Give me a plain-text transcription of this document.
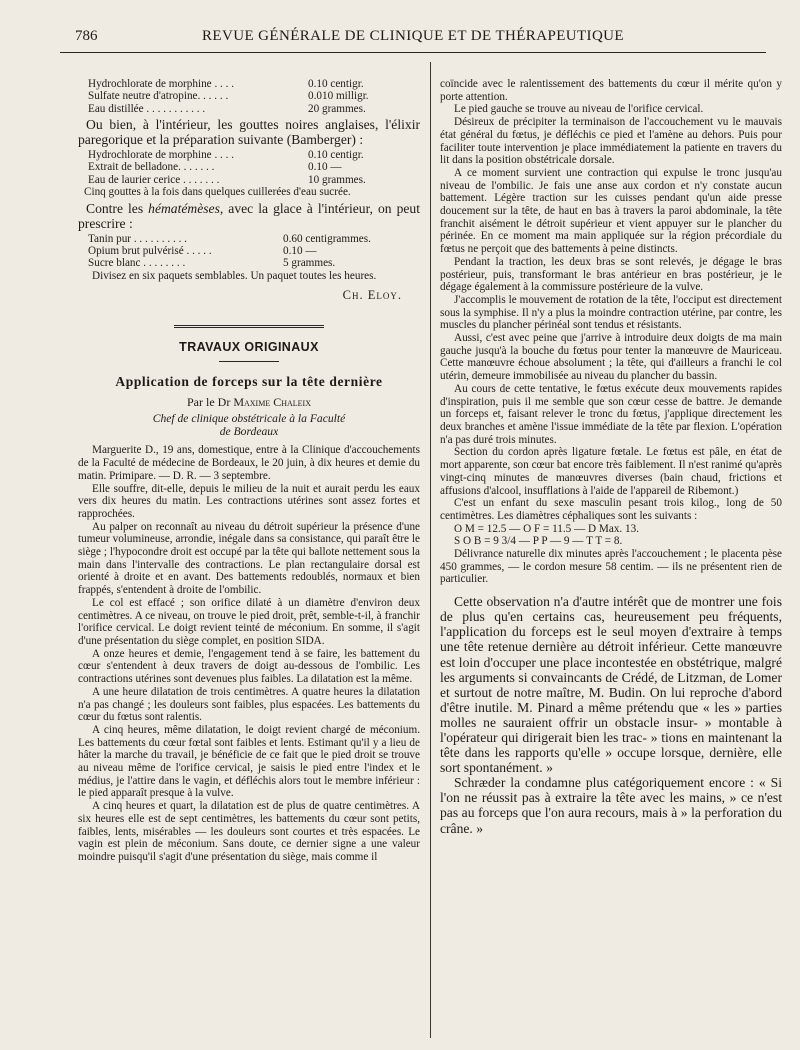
786	REVUE GÉNÉRALE DE CLINIQUE ET DE THÉRAPEUTIQUE
Hydrochlorate de morphine . . . .	0.10 centigr.
Sulfate neutre d'atropine. . . . . .	0.010 milligr.
Eau distillée . . . . . . . . . . .	20 grammes.

Ou bien, à l'intérieur, les gouttes noires anglaises, l'élixir paregorique et la préparation suivante (Bamberger) :

Hydrochlorate de morphine . . . .	0.10 centigr.
Extrait de belladone. . . . . . .	0.10 —
Eau de laurier cerice . . . . . . .	10 grammes.

Cinq gouttes à la fois dans quelques cuillerées d'eau sucrée.

Contre les hématémèses, avec la glace à l'intérieur, on peut prescrire :

Tanin pur . . . . . . . . . .	0.60 centigrammes.
Opium brut pulvérisé . . . . .	0.10 —
Sucre blanc . . . . . . . .	5 grammes.

Divisez en six paquets semblables. Un paquet toutes les heures.

Ch. Eloy.
TRAVAUX ORIGINAUX
Application de forceps sur la tête dernière
Par le Dr Maxime Chaleix
Chef de clinique obstétricale à la Faculté
de Bordeaux

Marguerite D., 19 ans, domestique, entre à la Clinique d'accouchements de la Faculté de médecine de Bordeaux, le 20 juin, à dix heures et demie du matin. Primipare. — D. R. — 3 septembre.

Elle souffre, dit-elle, depuis le milieu de la nuit et aurait perdu les eaux vers dix heures du matin. Les contractions utérines sont assez fortes et rapprochées.

Au palper on reconnaît au niveau du détroit supérieur la présence d'une tumeur volumineuse, arrondie, inégale dans sa consistance, qui paraît être le siège ; l'hypocondre droit est occupé par la tête qui ballote nettement sous la main dans l'intervalle des contractions. Le plan rectangulaire dorsal est orienté à droite et en avant. Des battements redoublés, normaux et bien frappés, s'entendent à droite de l'ombilic.

Le col est effacé ; son orifice dilaté à un diamètre d'environ deux centimètres. A ce niveau, on trouve le pied droit, prêt, semble-t-il, à franchir l'orifice cervical. Le doigt revient teinté de méconium. En somme, il s'agit d'une présentation du siège complet, en position SIDA.

A onze heures et demie, l'engagement tend à se faire, les battement du cœur s'entendent à deux travers de doigt au-dessous de l'ombilic. Les contractions utérines sont devenues plus faibles. La dilatation est la même.

A une heure dilatation de trois centimètres. A quatre heures la dilatation n'a pas changé ; les douleurs sont faibles, plus espacées. Les battements du cœur du fœtus sont ralentis.

A cinq heures, même dilatation, le doigt revient chargé de méconium. Les battements du cœur fœtal sont faibles et lents. Estimant qu'il y a lieu de hâter la marche du travail, je bénéficie de ce fait que le pied droit se trouve au niveau même de l'orifice cervical, je saisis le pied entre l'index et le médius, je l'attire dans le vagin, et défléchis alors tout le membre inférieur : le pied apparaît presque à la vulve.

A cinq heures et quart, la dilatation est de plus de quatre centimètres. A six heures elle est de sept centimètres, les battements du cœur sont petits, faibles, lents, misérables — les douleurs sont courtes et très espacées. Le vagin est plein de méconium. Sans doute, ce dernier signe a une valeur moindre puisqu'il s'agit d'une présentation du siège, mais comme il

coïncide avec le ralentissement des battements du cœur il mérite qu'on y porte attention.

Le pied gauche se trouve au niveau de l'orifice cervical.

Désireux de précipiter la terminaison de l'accouchement vu le mauvais état général du fœtus, je défléchis ce pied et l'amène au dehors. Puis pour faciliter toute intervention je place immédiatement la patiente en travers du lit dans la position obstétricale dorsale.

A ce moment survient une contraction qui expulse le tronc jusqu'au niveau de l'ombilic. Je fais une anse aux cordon et n'y constate aucun battement. Légère traction sur les cuisses pendant qu'un aide presse doucement sur la tête, de haut en bas à travers la paroi abdominale, la tête franchit aisément le détroit supérieur et vient appuyer sur le plancher du périnée. En ce moment ma main appliquée sur la région précordiale du fœtus ne perçoit que des battements à peine distincts.

Pendant la traction, les deux bras se sont relevés, je dégage le bras postérieur, puis, transformant le bras antérieur en bras postérieur, je le dégage également à la commissure postérieure de la vulve.

J'accomplis le mouvement de rotation de la tête, l'occiput est directement sous la symphise. Il n'y a plus la moindre contraction utérine, par contre, les muscles du plancher périnéal sont tendus et résistants.

Aussi, c'est avec peine que j'arrive à introduire deux doigts de ma main gauche jusqu'à la bouche du fœtus pour tenter la manœuvre de Mauriceau. Cette manœuvre échoue absolument ; la tête, qui d'ailleurs a franchi le col utérin, demeure immobilisée au niveau du plancher du bassin.

Au cours de cette tentative, le fœtus exécute deux mouvements rapides d'inspiration, puis il me semble que son cœur cesse de battre. Je demande un forceps et, faisant relever le tronc du fœtus, j'applique directement les deux branches et amène l'issue immédiate de la tête par flexion. L'opération n'a pas duré trois minutes.

Section du cordon après ligature fœtale. Le fœtus est pâle, en état de mort apparente, son cœur bat encore très faiblement. Il n'est ranimé qu'après vingt-cinq minutes de manœuvres diverses (bain chaud, frictions et affusions d'alcool, insufflations à l'aide de l'appareil de Ribemont.)

C'est un enfant du sexe masculin pesant trois kilog., long de 50 centimètres. Les diamètres céphaliques sont les suivants :

O M = 12.5 — O F = 11.5 — D Max. 13.
S O B = 9 3/4 — P P — 9 — T T = 8.

Délivrance naturelle dix minutes après l'accouchement ; le placenta pèse 450 grammes, — le cordon mesure 58 centim. — ils ne présentent rien de particulier.

Cette observation n'a d'autre intérêt que de montrer une fois de plus qu'en certains cas, heureusement peu fréquents, l'application du forceps est le seul moyen d'extraire à temps une tête retenue dernière au détroit inférieur. Cette manœuvre est loin d'occuper une place incontestée en obstétrique, malgré les arguments si convaincants de Crédé, de Litzman, de Lomer et surtout de notre maître, M. Budin. On lui reproche d'abord d'être inutile. M. Pinard a même prétendu que « les » parties molles ne sauraient offrir un obstacle insur- » montable à l'opérateur qui dirigerait bien les trac- » tions en maintenant la tête dans les rapports qu'elle » occupe lorsque, dernière, elle sort spontanément. »

Schræder la condamne plus catégoriquement encore : « Si l'on ne réussit pas à extraire la tête avec les mains, » ce n'est pas au forceps que l'on aura recours, mais à » la perforation du crâne. »
